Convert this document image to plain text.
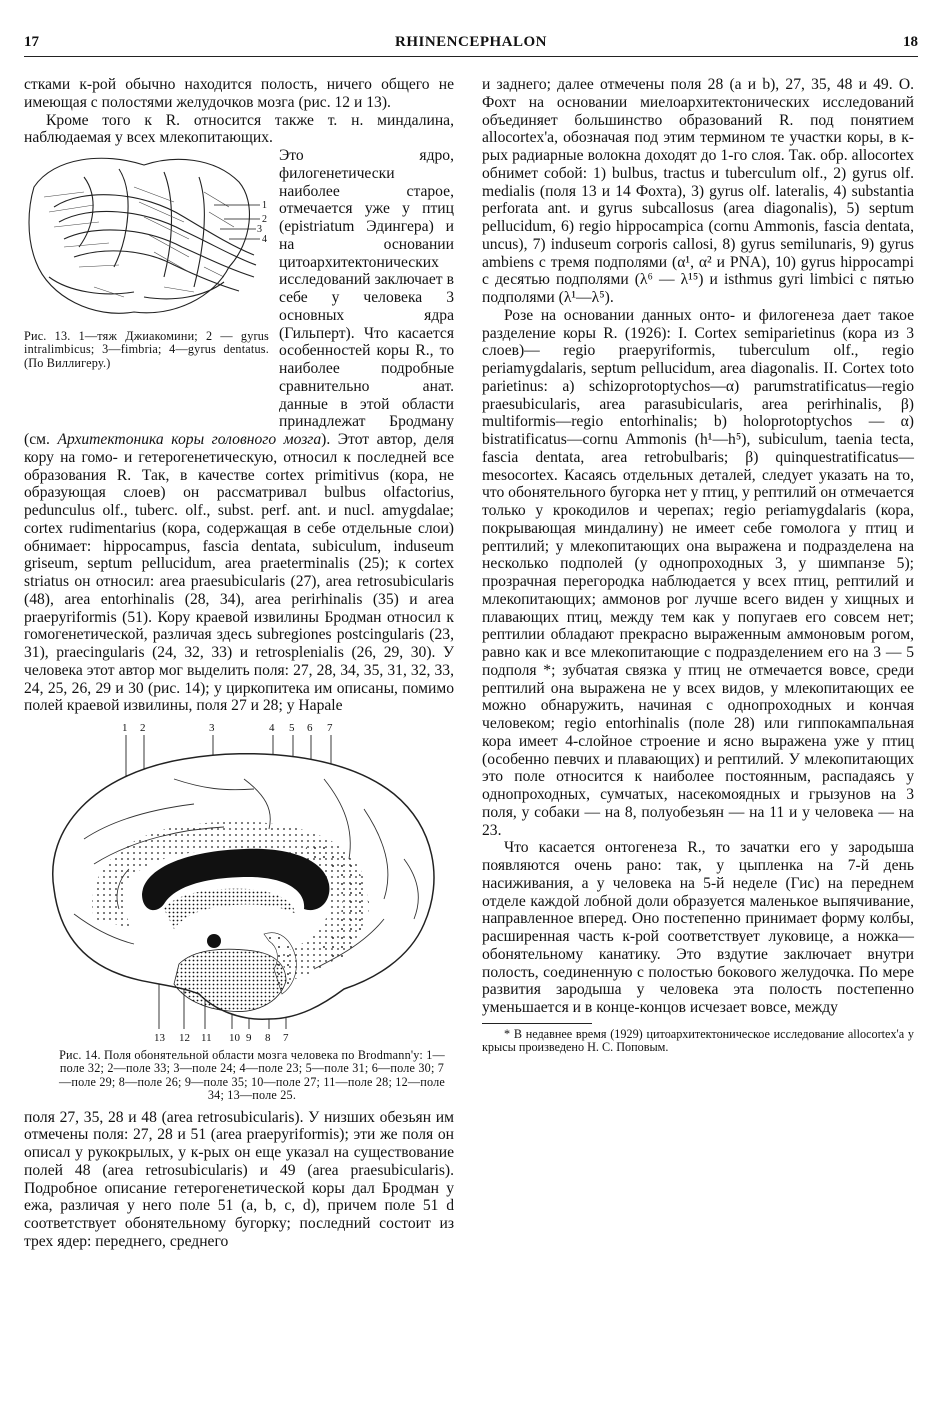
17	RHINENCEPHALON	18

стками к-рой обычно находится полость, ничего общего не имеющая с полостями желудочков мозга (рис. 12 и 13).

Кроме того к R. относится также т. н. миндалина, наблюдаемая у всех млекопитающих.

1
2
3
4
Рис. 13. 1—тяж Джиакомини; 2 — gyrus intralimbicus; 3—fimbria; 4—gyrus dentatus. (По Виллигеру.)

Это ядро, филогенетически наиболее старое, отмечается уже у птиц (epistriatum Эдингера) и на основании цитоархитектонических исследований заключает в себе у человека 3 основных ядра (Гильперт). Что касается особенностей коры R., то наиболее подробные сравнительно анат. данные в этой области принадлежат Бродману (см. Архитектоника коры головного мозга). Этот автор, деля кору на гомо- и гетерогенетическую, относил к последней все образования R. Так, в качестве cortex primitivus (кора, не образующая слоев) он рассматривал bulbus olfactorius, pedunculus olf., tuberc. olf., subst. perf. ant. и nucl. amygdalae; cortex rudimentarius (кора, содержащая в себе отдельные слои) обнимает: hippocampus, fascia dentata, subiculum, induseum griseum, septum pellucidum, area praeterminalis (25); к cortex striatus он относил: area praesubicularis (27), area retrosubicularis (48), area entorhinalis (28, 34), area perirhinalis (35) и area praepyriformis (51). Кору краевой извилины Бродман относил к гомогенетической, различая здесь subregiones postcingularis (23, 31), praecingularis (24, 32, 33) и retrosplenialis (26, 29, 30). У человека этот автор мог выделить поля: 27, 28, 34, 35, 31, 32, 33, 24, 25, 26, 29 и 30 (рис. 14); у циркопитека им описаны, помимо полей краевой извилины, поля 27 и 28; у Hapale

1 2	3	4 5 6 7
13 12 11 10 9 8 7
Рис. 14. Поля обонятельной области мозга человека по Brodmann'у: 1—поле 32; 2—поле 33; 3—поле 24; 4—поле 23; 5—поле 31; 6—поле 30; 7—поле 29; 8—поле 26; 9—поле 35; 10—поле 27; 11—поле 28; 12—поле 34; 13—поле 25.

поля 27, 35, 28 и 48 (area retrosubicularis). У низших обезьян им отмечены поля: 27, 28 и 51 (area praepyriformis); эти же поля он описал у рукокрылых, у к-рых он еще указал на существование полей 48 (area retrosubicularis) и 49 (area praesubicularis). Подробное описание гетерогенетической коры дал Бродман у ежа, различая у него поле 51 (a, b, c, d), причем поле 51 d соответствует обонятельному бугорку; последний состоит из трех ядер: переднего, среднего

и заднего; далее отмечены поля 28 (a и b), 27, 35, 48 и 49. О. Фохт на основании миелоархитектонических исследований объединяет большинство образований R. под понятием allocortex'a, обозначая под этим термином те участки коры, в к-рых радиарные волокна доходят до 1-го слоя. Так. обр. allocortex обнимет собой: 1) bulbus, tractus и tuberculum olf., 2) gyrus olf. medialis (поля 13 и 14 Фохта), 3) gyrus olf. lateralis, 4) substantia perforata ant. и gyrus subcallosus (area diagonalis), 5) septum pellucidum, 6) regio hippocampica (cornu Ammonis, fascia dentata, uncus), 7) induseum corporis callosi, 8) gyrus semilunaris, 9) gyrus ambiens с тремя подполями (α¹, α² и PNA), 10) gyrus hippocampi с десятью подполями (λ⁶ — λ¹⁵) и isthmus gyri limbici с пятью подполями (λ¹—λ⁵).

Розе на основании данных онто- и филогенеза дает такое разделение коры R. (1926): I. Cortex semiparietinus (кора из 3 слоев)— regio praepyriformis, tuberculum olf., regio periamygdalaris, septum pellucidum, area diagonalis. II. Cortex toto parietinus: a) schizoprotoptychos—α) parumstratificatus—regio praesubicularis, area parasubicularis, area perirhinalis, β) multiformis—regio entorhinalis; b) holoprotoptychos — α) bistratificatus—cornu Ammonis (h¹—h⁵), subiculum, taenia tecta, fascia dentata, area retrobulbaris; β) quinquestratificatus—mesocortex. Касаясь отдельных деталей, следует указать на то, что обонятельного бугорка нет у птиц, у рептилий он отмечается только у крокодилов и черепах; regio periamygdalaris (кора, покрывающая миндалину) не имеет себе гомолога у птиц и рептилий; у млекопитающих она выражена и подразделена на несколько подполей (у однопроходных 3, у шимпанзе 5); прозрачная перегородка наблюдается у всех птиц, рептилий и млекопитающих; аммонов рог лучше всего виден у хищных и плавающих птиц, между тем как у попугаев его совсем нет; рептилии обладают прекрасно выраженным аммоновым рогом, равно как и все млекопитающие с подразделением его на 3 — 5 подполя *; зубчатая связка у птиц не отмечается вовсе, среди рептилий она выражена не у всех видов, у млекопитающих ее можно обнаружить, начиная с однопроходных и кончая человеком; regio entorhinalis (поле 28) или гиппокампальная кора имеет 4-слойное строение и ясно выражена уже у птиц (особенно певчих и плавающих) и рептилий. У млекопитающих это поле относится к наиболее постоянным, распадаясь у однопроходных, сумчатых, насекомоядных и грызунов на 3 поля, у собаки — на 8, полуобезьян — на 11 и у человека — на 23.

Что касается онтогенеза R., то зачатки его у зародыша появляются очень рано: так, у цыпленка на 7-й день насиживания, а у человека на 5-й неделе (Гис) на переднем отделе каждой лобной доли образуется маленькое выпячивание, направленное вперед. Оно постепенно принимает форму колбы, расширенная часть к-рой соответствует луковице, а ножка— обонятельному канатику. Это вздутие заключает внутри полость, соединенную с полостью бокового желудочка. По мере развития зародыша у человека эта полость постепенно уменьшается и в конце-концов исчезает вовсе, между

* В недавнее время (1929) цитоархитектоническое исследование allocortex'a у крысы произведено Н. С. Поповым.
